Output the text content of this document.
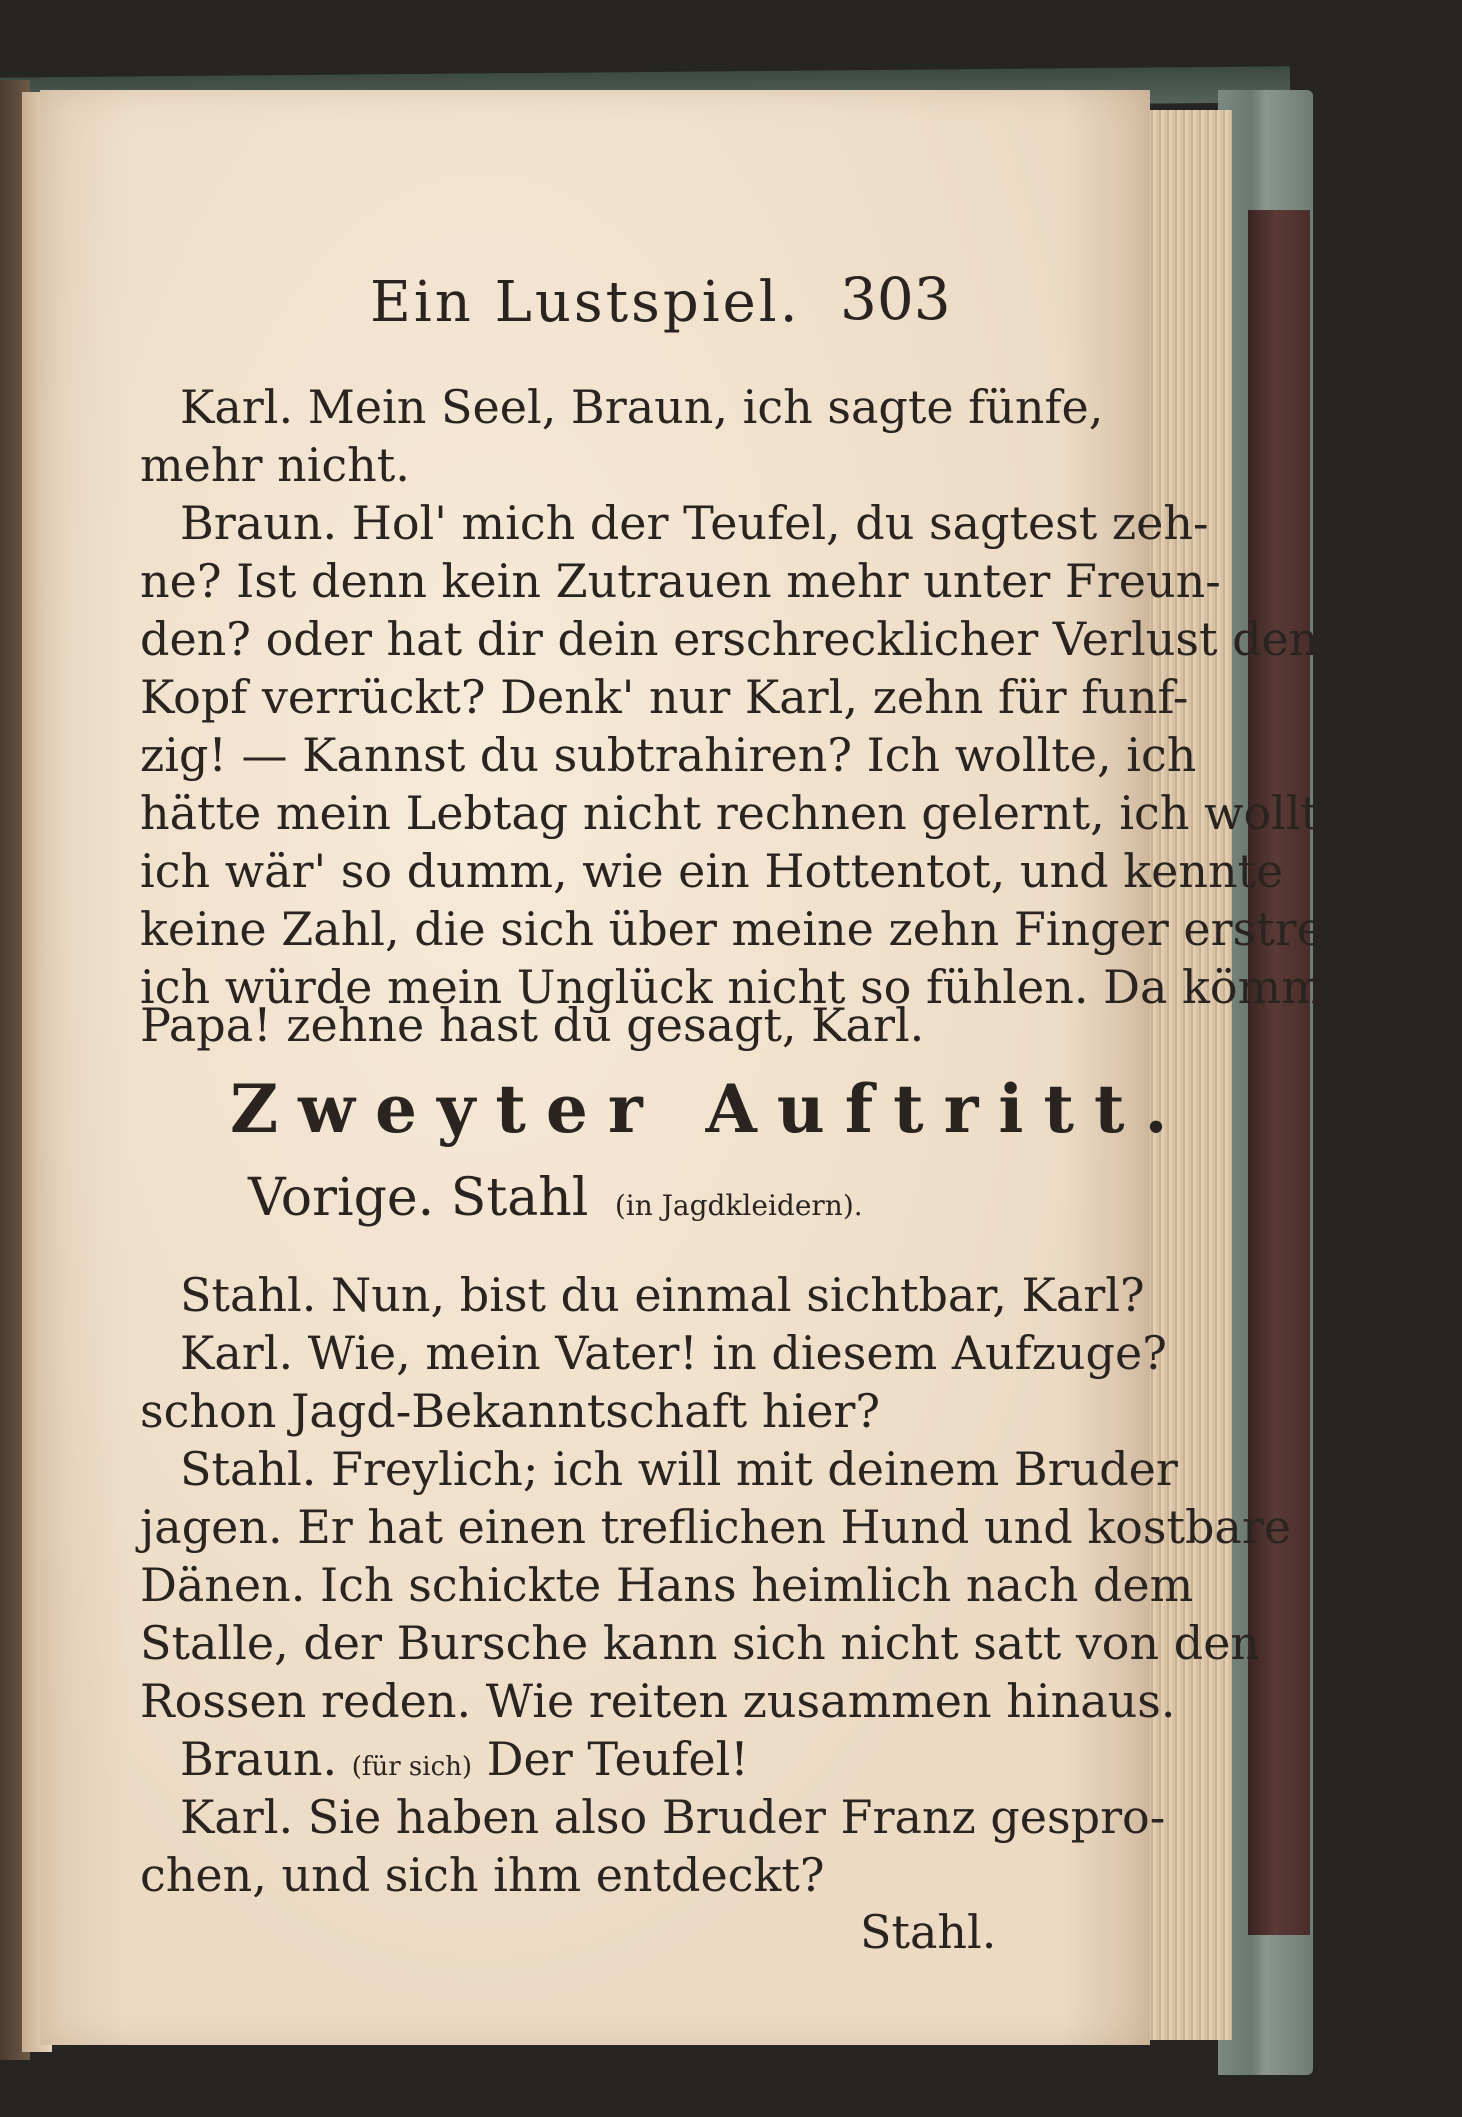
Ein Lustspiel. 303
Karl. Mein Seel, Braun, ich sagte fünfe,
mehr nicht.
Braun. Hol' mich der Teufel, du sagtest zeh-
ne? Ist denn kein Zutrauen mehr unter Freun-
den? oder hat dir dein erschrecklicher Verlust den
Kopf verrückt? Denk' nur Karl, zehn für funf-
zig! — Kannst du subtrahiren? Ich wollte, ich
hätte mein Lebtag nicht rechnen gelernt, ich wollt',
ich wär' so dumm, wie ein Hottentot, und kennte
keine Zahl, die sich über meine zehn Finger erstreckt,
ich würde mein Unglück nicht so fühlen. Da kömmt
Papa! zehne hast du gesagt, Karl.
Zweyter Auftritt.
Vorige. Stahl (in Jagdkleidern).
Stahl. Nun, bist du einmal sichtbar, Karl?
Karl. Wie, mein Vater! in diesem Aufzuge?
schon Jagd-Bekanntschaft hier?
Stahl. Freylich; ich will mit deinem Bruder
jagen. Er hat einen treflichen Hund und kostbare
Dänen. Ich schickte Hans heimlich nach dem
Stalle, der Bursche kann sich nicht satt von den
Rossen reden. Wie reiten zusammen hinaus.
Braun. (für sich) Der Teufel!
Karl. Sie haben also Bruder Franz gespro-
chen, und sich ihm entdeckt?
Stahl.
